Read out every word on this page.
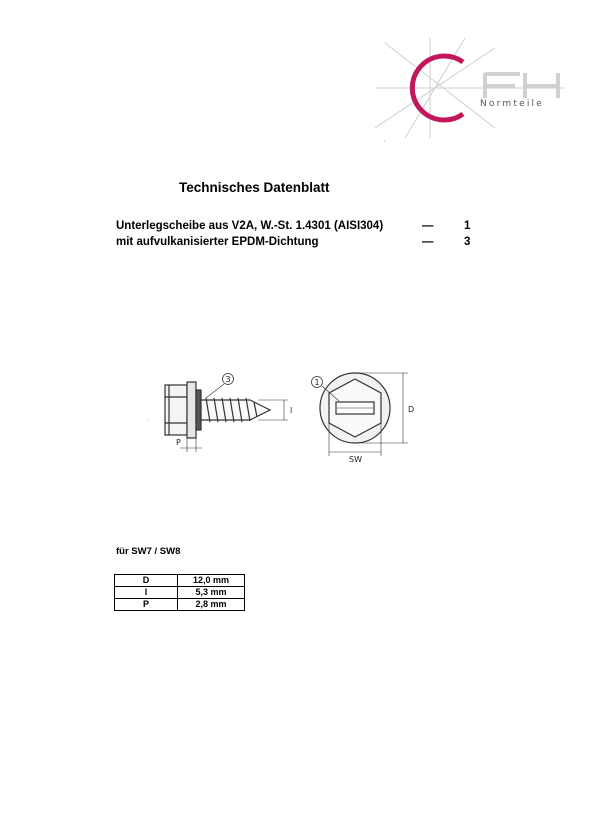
Normteile
'
Technisches Datenblatt
Unterlegscheibe aus V2A, W.-St. 1.4301 (AISI304)	—	1
mit aufvulkanisierter EPDM-Dichtung	—	3
3	1
l
P
D
SW
'
für SW7 / SW8
D	12,0 mm
l	5,3 mm
P	2,8 mm
